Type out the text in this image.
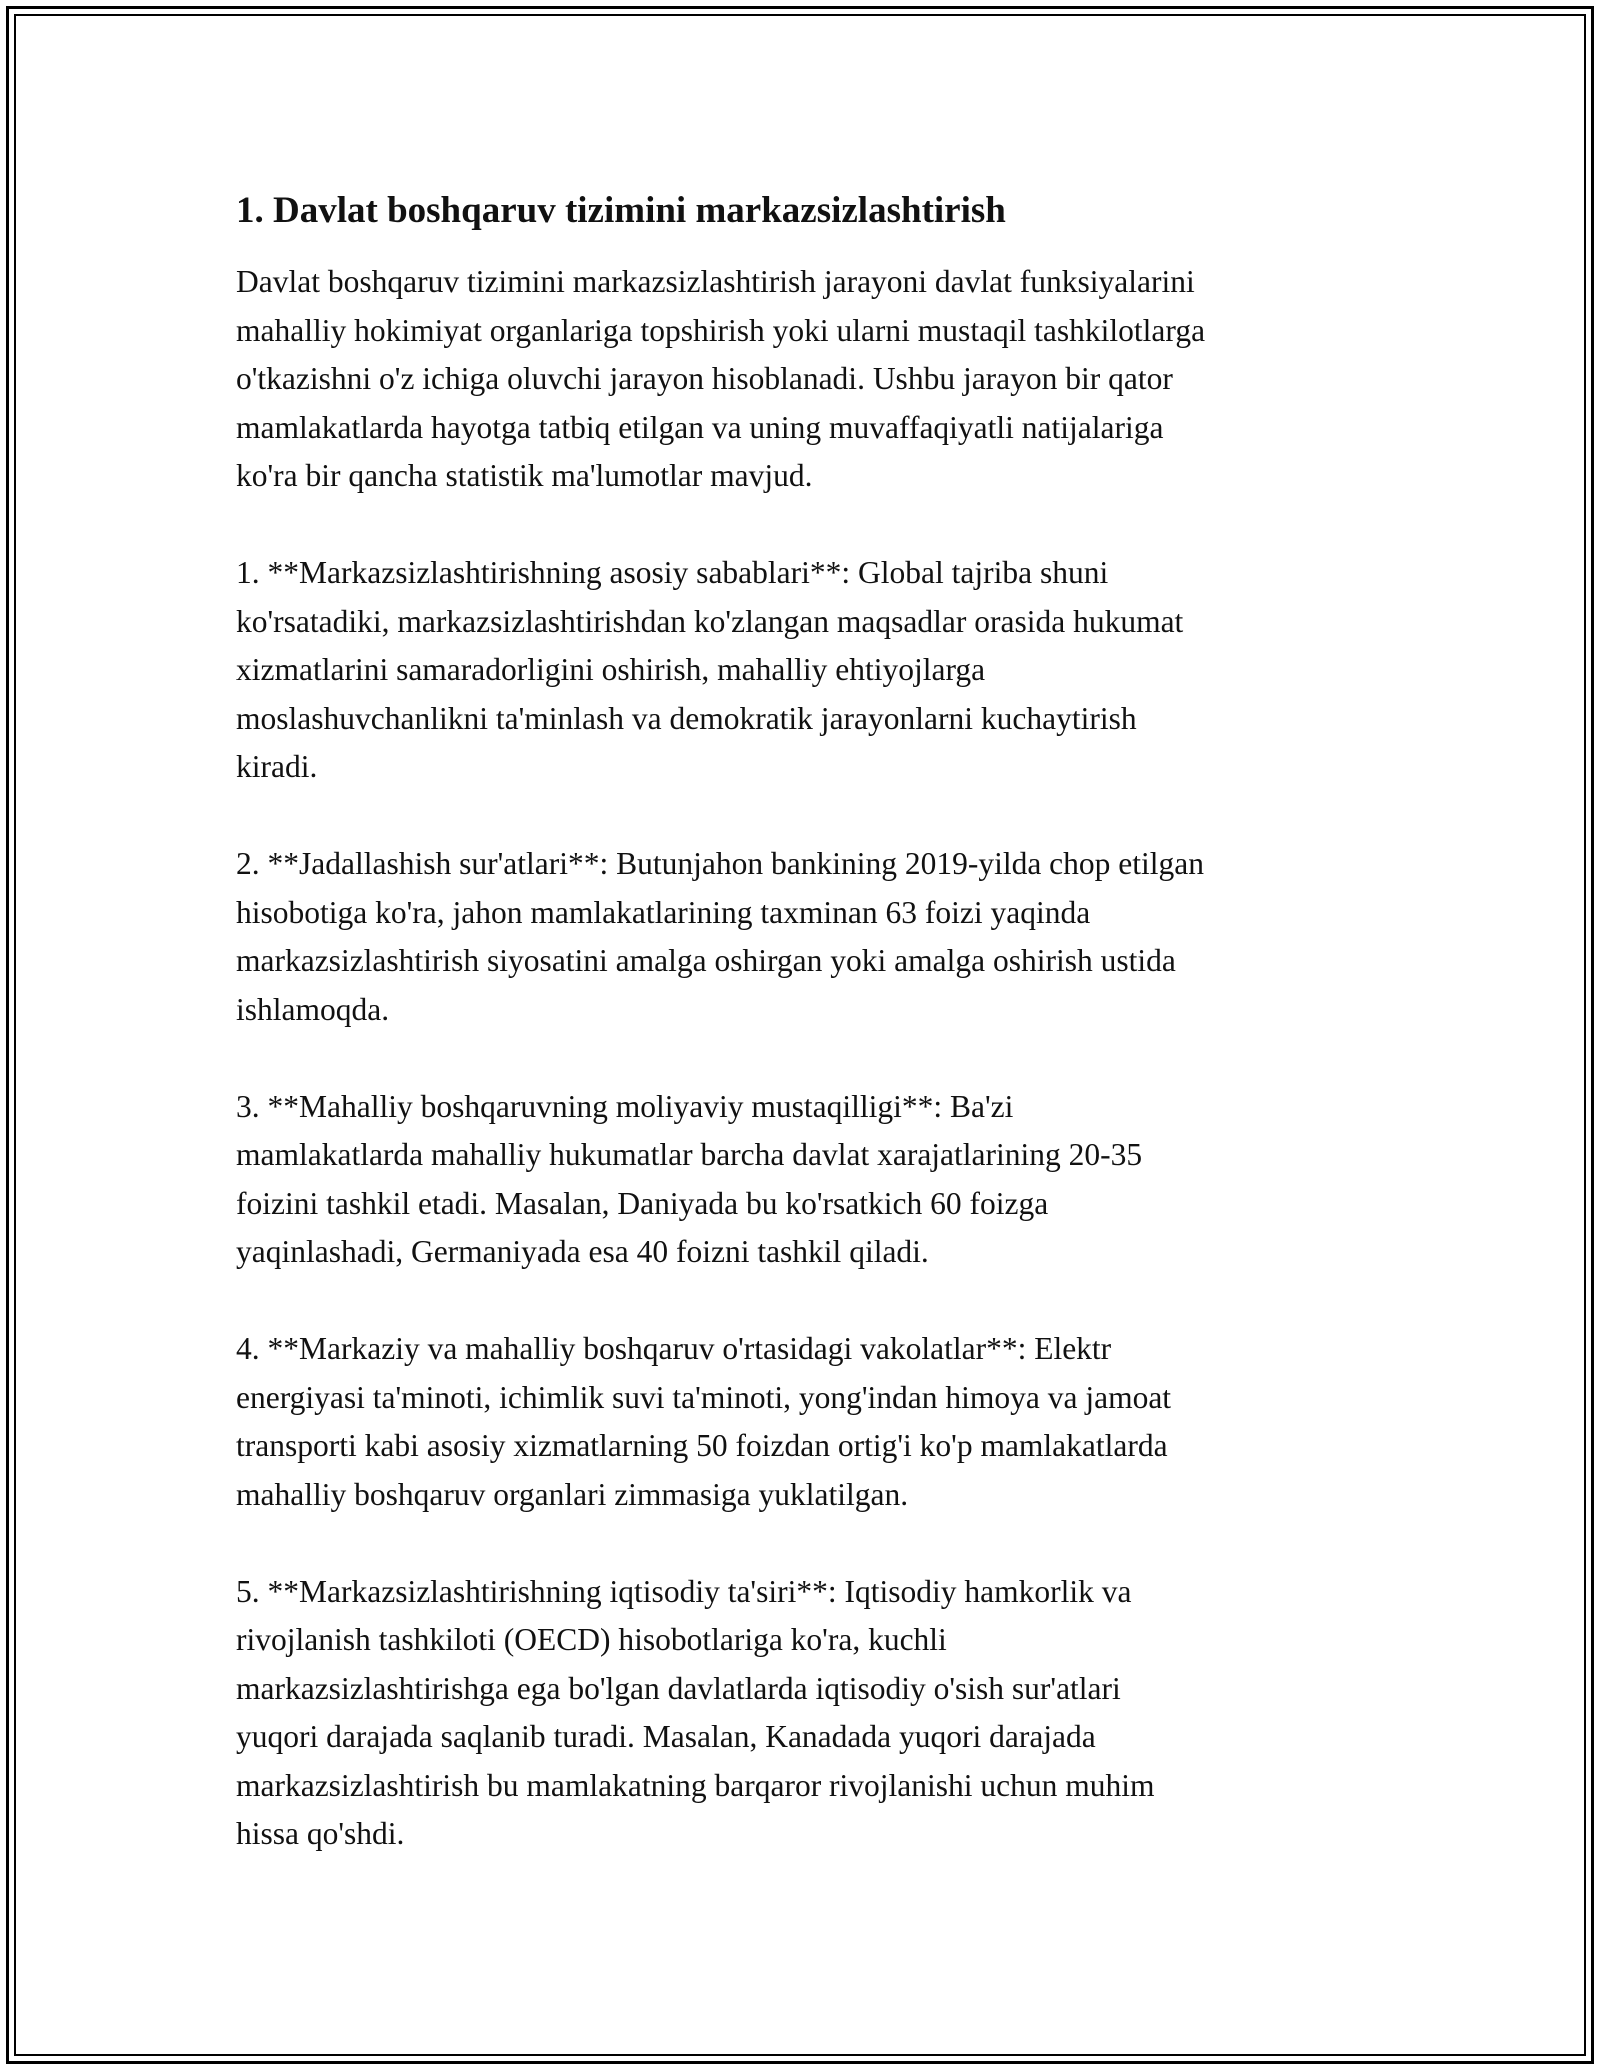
1. Davlat boshqaruv tizimini markazsizlashtirish

Davlat boshqaruv tizimini markazsizlashtirish jarayoni davlat funksiyalarini
mahalliy hokimiyat organlariga topshirish yoki ularni mustaqil tashkilotlarga
o'tkazishni o'z ichiga oluvchi jarayon hisoblanadi. Ushbu jarayon bir qator
mamlakatlarda hayotga tatbiq etilgan va uning muvaffaqiyatli natijalariga
ko'ra bir qancha statistik ma'lumotlar mavjud.

1. **Markazsizlashtirishning asosiy sabablari**: Global tajriba shuni
ko'rsatadiki, markazsizlashtirishdan ko'zlangan maqsadlar orasida hukumat
xizmatlarini samaradorligini oshirish, mahalliy ehtiyojlarga
moslashuvchanlikni ta'minlash va demokratik jarayonlarni kuchaytirish
kiradi.

2. **Jadallashish sur'atlari**: Butunjahon bankining 2019-yilda chop etilgan
hisobotiga ko'ra, jahon mamlakatlarining taxminan 63 foizi yaqinda
markazsizlashtirish siyosatini amalga oshirgan yoki amalga oshirish ustida
ishlamoqda.

3. **Mahalliy boshqaruvning moliyaviy mustaqilligi**: Ba'zi
mamlakatlarda mahalliy hukumatlar barcha davlat xarajatlarining 20-35
foizini tashkil etadi. Masalan, Daniyada bu ko'rsatkich 60 foizga
yaqinlashadi, Germaniyada esa 40 foizni tashkil qiladi.

4. **Markaziy va mahalliy boshqaruv o'rtasidagi vakolatlar**: Elektr
energiyasi ta'minoti, ichimlik suvi ta'minoti, yong'indan himoya va jamoat
transporti kabi asosiy xizmatlarning 50 foizdan ortig'i ko'p mamlakatlarda
mahalliy boshqaruv organlari zimmasiga yuklatilgan.

5. **Markazsizlashtirishning iqtisodiy ta'siri**: Iqtisodiy hamkorlik va
rivojlanish tashkiloti (OECD) hisobotlariga ko'ra, kuchli
markazsizlashtirishga ega bo'lgan davlatlarda iqtisodiy o'sish sur'atlari
yuqori darajada saqlanib turadi. Masalan, Kanadada yuqori darajada
markazsizlashtirish bu mamlakatning barqaror rivojlanishi uchun muhim
hissa qo'shdi.
